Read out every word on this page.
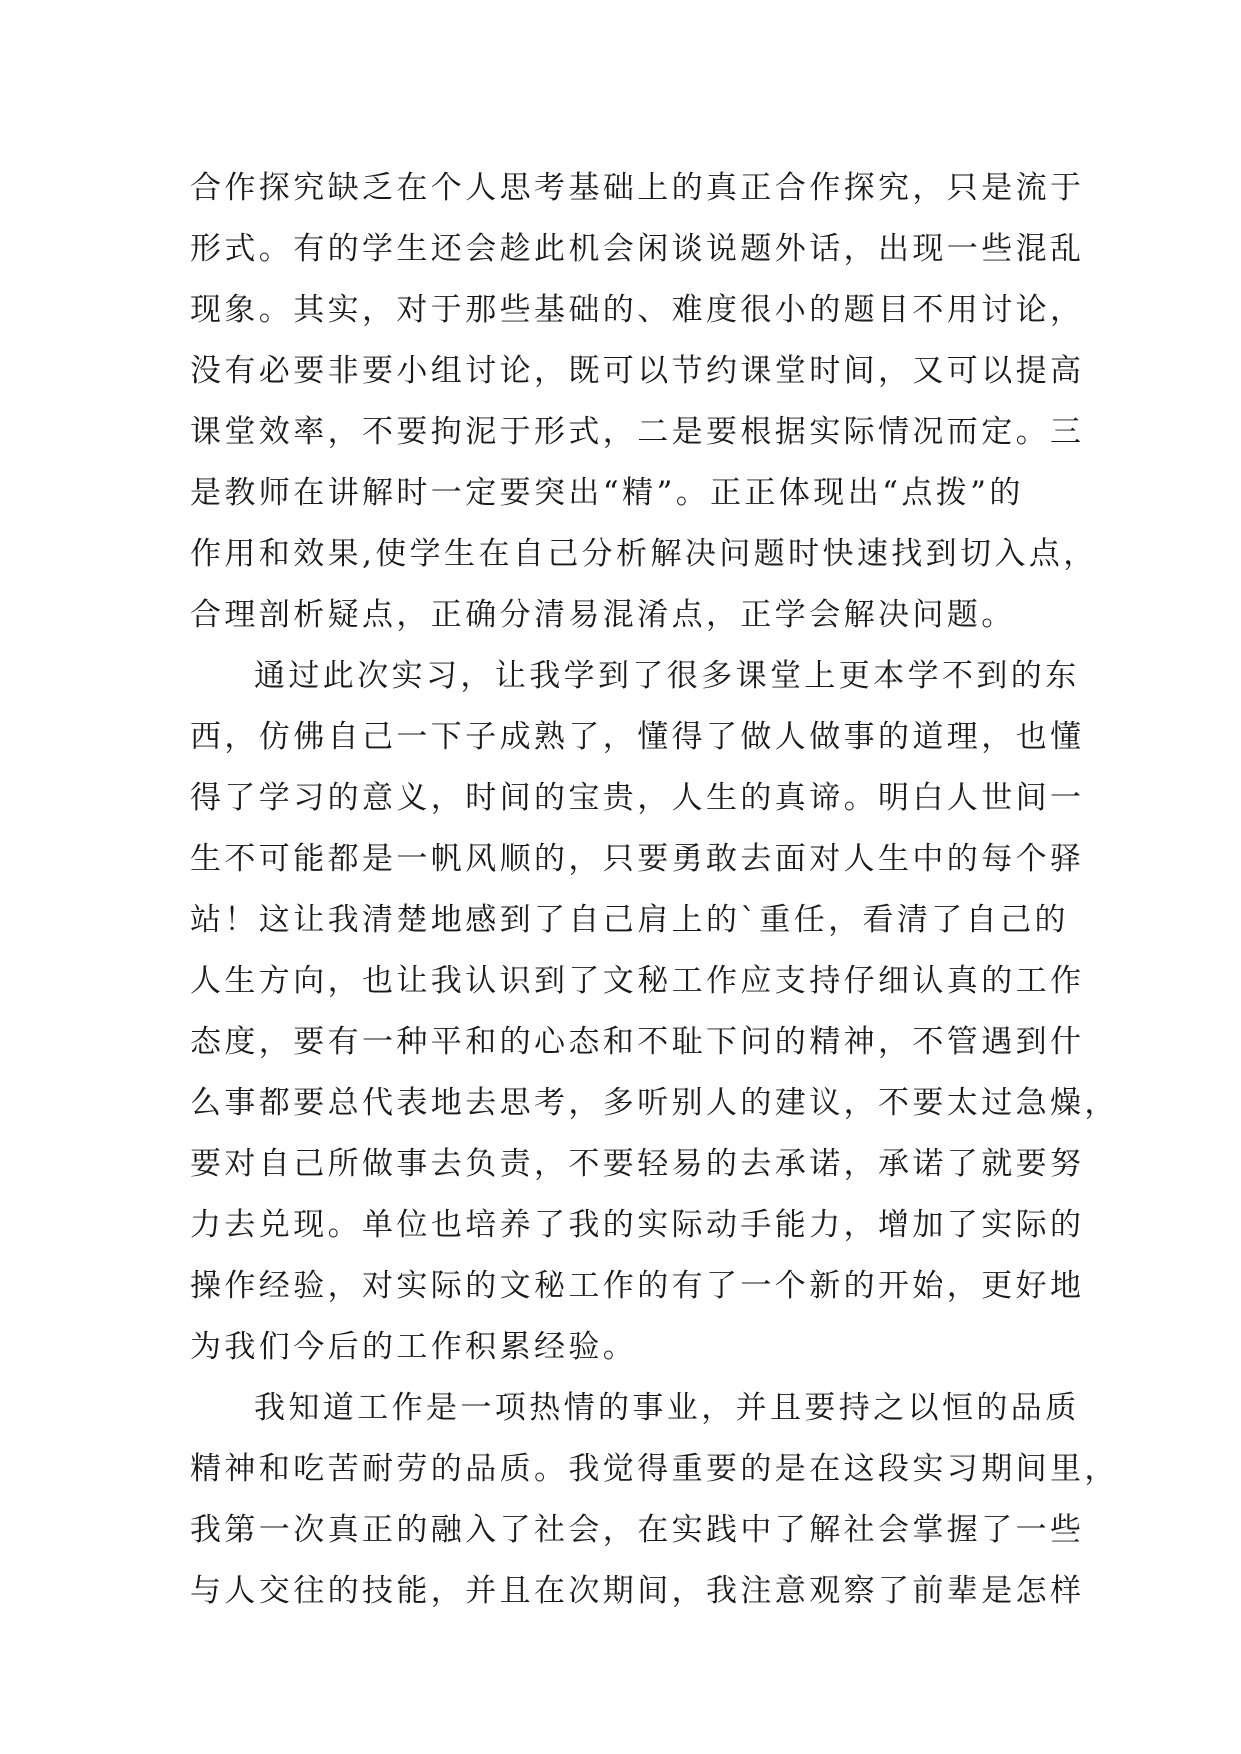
合作探究缺乏在个人思考基础上的真正合作探究，只是流于
形式。有的学生还会趁此机会闲谈说题外话，出现一些混乱
现象。其实，对于那些基础的、难度很小的题目不用讨论，
没有必要非要小组讨论，既可以节约课堂时间，又可以提高
课堂效率，不要拘泥于形式，二是要根据实际情况而定。三
是教师在讲解时一定要突出“精”。正正体现出“点拨”的
作用和效果,使学生在自己分析解决问题时快速找到切入点，
合理剖析疑点，正确分清易混淆点，正学会解决问题。
通过此次实习，让我学到了很多课堂上更本学不到的东
西，仿佛自己一下子成熟了，懂得了做人做事的道理，也懂
得了学习的意义，时间的宝贵，人生的真谛。明白人世间一
生不可能都是一帆风顺的，只要勇敢去面对人生中的每个驿
站！这让我清楚地感到了自己肩上的`重任，看清了自己的
人生方向，也让我认识到了文秘工作应支持仔细认真的工作
态度，要有一种平和的心态和不耻下问的精神，不管遇到什
么事都要总代表地去思考，多听别人的建议，不要太过急燥，
要对自己所做事去负责，不要轻易的去承诺，承诺了就要努
力去兑现。单位也培养了我的实际动手能力，增加了实际的
操作经验，对实际的文秘工作的有了一个新的开始，更好地
为我们今后的工作积累经验。
我知道工作是一项热情的事业，并且要持之以恒的品质
精神和吃苦耐劳的品质。我觉得重要的是在这段实习期间里，
我第一次真正的融入了社会，在实践中了解社会掌握了一些
与人交往的技能，并且在次期间，我注意观察了前辈是怎样
